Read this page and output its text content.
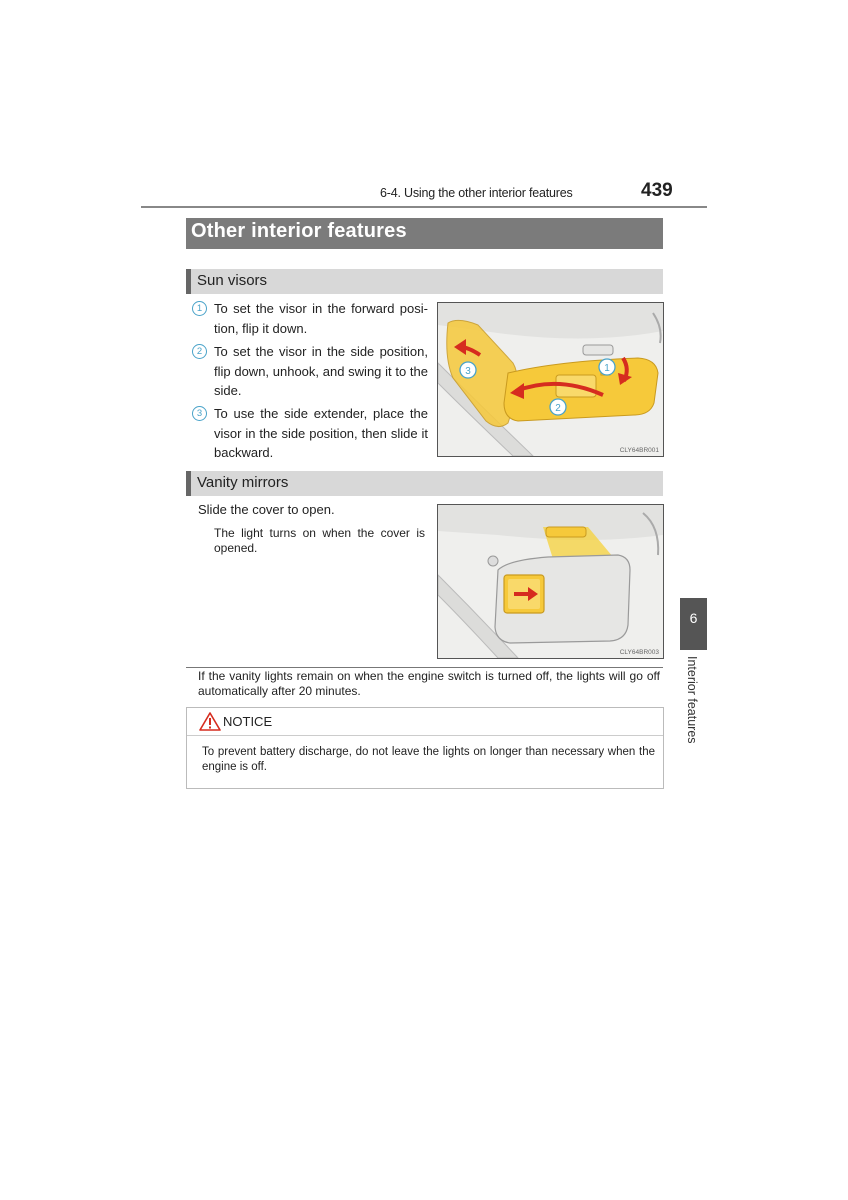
6-4. Using the other interior features	439
Other interior features
Sun visors
1 To set the visor in the forward position, flip it down.
2 To set the visor in the side position, flip down, unhook, and swing it to the side.
3 To use the side extender, place the visor in the side position, then slide it backward.
1
2
3
CLY64BR001
Vanity mirrors
Slide the cover to open.
The light turns on when the cover is opened.
CLY64BR003
If the vanity lights remain on when the engine switch is turned off, the lights will go off automatically after 20 minutes.
NOTICE
To prevent battery discharge, do not leave the lights on longer than necessary when the engine is off.
6
Interior features
